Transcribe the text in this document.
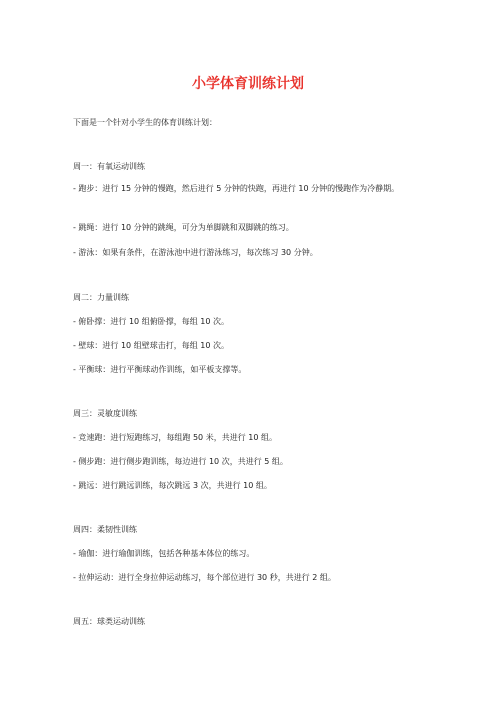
小学体育训练计划
下面是一个针对小学生的体育训练计划：
周一：有氧运动训练
- 跑步：进行 15 分钟的慢跑，然后进行 5 分钟的快跑，再进行 10 分钟的慢跑作为冷静期。
- 跳绳：进行 10 分钟的跳绳，可分为单脚跳和双脚跳的练习。
- 游泳：如果有条件，在游泳池中进行游泳练习，每次练习 30 分钟。
周二：力量训练
- 俯卧撑：进行 10 组俯卧撑，每组 10 次。
- 壁球：进行 10 组壁球击打，每组 10 次。
- 平衡球：进行平衡球动作训练，如平板支撑等。
周三：灵敏度训练
- 竞速跑：进行短跑练习，每组跑 50 米，共进行 10 组。
- 侧步跑：进行侧步跑训练，每边进行 10 次，共进行 5 组。
- 跳远：进行跳远训练，每次跳远 3 次，共进行 10 组。
周四：柔韧性训练
- 瑜伽：进行瑜伽训练，包括各种基本体位的练习。
- 拉伸运动：进行全身拉伸运动练习，每个部位进行 30 秒，共进行 2 组。
周五：球类运动训练
